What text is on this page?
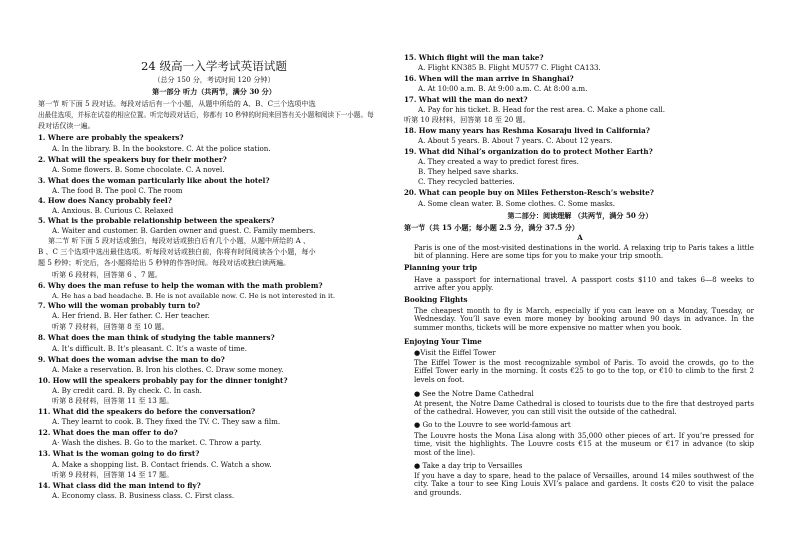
24 级高一入学考试英语试题
（总分 150 分，考试时间 120 分钟）
第一部分 听力（共两节，满分 30 分）
第一节 听下面 5 段对话。每段对话后有一个小题，从题中所给的 A、B、C三个选项中选
出最佳选项，并标在试卷的相应位置。听完每段对话后，你都有 10 秒钟的时间来回答有关小题和阅读下一小题。每
段对话仅读一遍。
1. Where are probably the speakers?
A. In the library. B. In the bookstore. C. At the police station.
2. What will the speakers buy for their mother?
A. Some flowers. B. Some chocolate. C. A novel.
3. What does the woman particularly like about the hotel?
A. The food B. The pool C. The room
4. How does Nancy probably feel?
A. Anxious. B. Curious C. Relaxed
5. What is the probable relationship between the speakers?
A. Waiter and customer. B. Garden owner and guest. C. Family members.
第二节 听下面 5 段对话或独白，每段对话或独白后有几个小题，从题中所给的 A 、
B 、C 三个选项中选出最佳选项。听每段对话或独白前，你将有时间阅读各个小题，每小
题 5 秒钟；听完后，各小题将给出 5 秒钟的作答时间。每段对话或独白读两遍。
听第 6 段材料，回答第 6 、7 题。
6. Why does the man refuse to help the woman with the math problem?
A. He has a bad headache. B. He is not available now. C. He is not interested in it.
7. Who will the woman probably turn to?
A. Her friend. B. Her father. C. Her teacher.
听第 7 段材料，回答第 8 至 10 题。
8. What does the man think of studying the table manners?
A. It’s difficult. B. It’s pleasant. C. It’s a waste of time.
9. What does the woman advise the man to do?
A. Make a reservation. B. Iron his clothes. C. Draw some money.
10. How will the speakers probably pay for the dinner tonight?
A. By credit card. B. By check. C. In cash.
听第 8 段材料，回答第 11 至 13 题。
11. What did the speakers do before the conversation?
A. They learnt to cook. B. They fixed the TV. C. They saw a film.
12. What does the man offer to do?
A· Wash the dishes. B. Go to the market. C. Throw a party.
13. What is the woman going to do first?
A. Make a shopping list. B. Contact friends. C. Watch a show.
听第 9 段材料，回答第 14 至 17 题。
14. What class did the man intend to fly?
A. Economy class. B. Business class. C. First class.
15. Which flight will the man take?
A. Flight KN385 B. Flight MU577 C. Flight CA133.
16. When will the man arrive in Shanghai?
A. At 10:00 a.m. B. At 9:00 a.m. C. At 8:00 a.m.
17. What will the man do next?
A. Pay for his ticket. B. Head for the rest area. C. Make a phone call.
听第 10 段材料，回答第 18 至 20 题。
18. How many years has Reshma Kosaraju lived in California?
A. About 5 years. B. About 7 years. C. About 12 years.
19. What did Nihal’s organization do to protect Mother Earth?
A. They created a way to predict forest fires.
B. They helped save sharks.
C. They recycled batteries.
20. What can people buy on Miles Fetherston-Resch’s website?
A. Some clean water. B. Some clothes. C. Some masks.
第二部分：阅读理解 （共两节，满分 50 分）
第一节（共 15 小题；每小题 2.5 分，满分 37.5 分）
A
Paris is one of the most-visited destinations in the world. A relaxing trip to Paris takes a little bit of planning. Here are some tips for you to make your trip smooth.
Planning your trip
Have a passport for international travel. A passport costs $110 and takes 6—8 weeks to arrive after you apply.
Booking Flights
The cheapest month to fly is March, especially if you can leave on a Monday, Tuesday, or Wednesday. You’ll save even more money by booking around 90 days in advance. In the summer months, tickets will be more expensive no matter when you book.
Enjoying Your Time
●Visit the Eiffel Tower
The Eiffel Tower is the most recognizable symbol of Paris. To avoid the crowds, go to the Eiffel Tower early in the morning. It costs €25 to go to the top, or €10 to climb to the first 2 levels on foot.
● See the Notre Dame Cathedral
At present, the Notre Dame Cathedral is closed to tourists due to the fire that destroyed parts of the cathedral. However, you can still visit the outside of the cathedral.
● Go to the Louvre to see world-famous art
The Louvre hosts the Mona Lisa along with 35,000 other pieces of art. If you’re pressed for time, visit the highlights. The Louvre costs €15 at the museum or €17 in advance (to skip most of the line).
● Take a day trip to Versailles
If you have a day to spare, head to the palace of Versailles, around 14 miles southwest of the city. Take a tour to see King Louis XVI’s palace and gardens. It costs €20 to visit the palace and grounds.
